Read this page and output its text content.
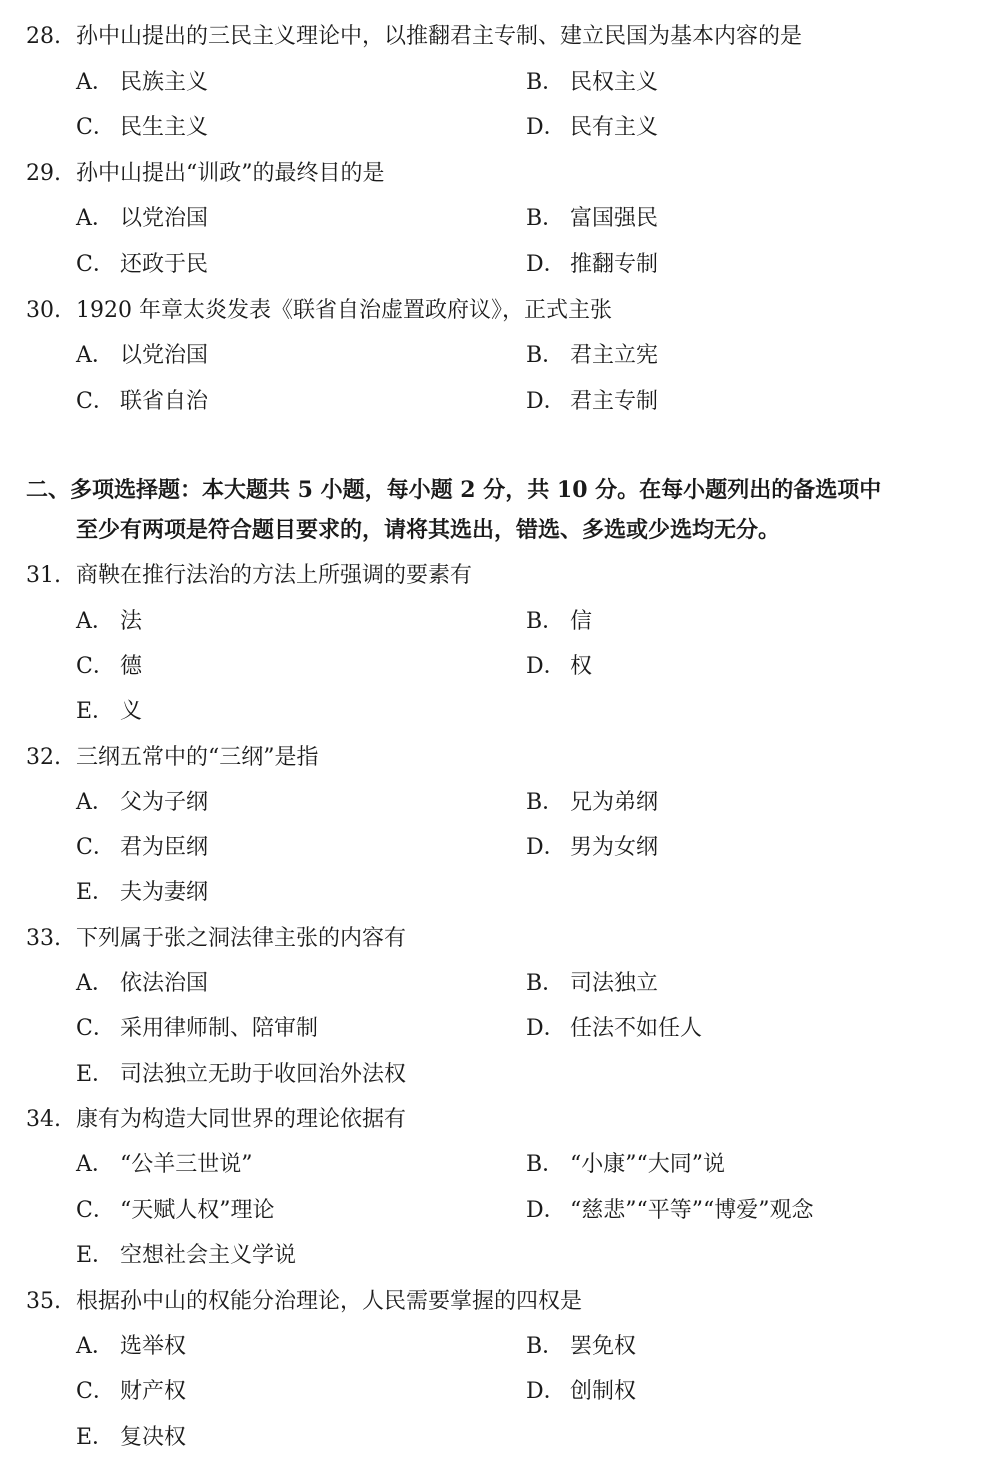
28. 孙中山提出的三民主义理论中，以推翻君主专制、建立民国为基本内容的是
A． 民族主义	B． 民权主义
C． 民生主义	D． 民有主义
29. 孙中山提出“训政”的最终目的是
A． 以党治国	B． 富国强民
C． 还政于民	D． 推翻专制
30. 1920 年章太炎发表《联省自治虚置政府议》，正式主张
A． 以党治国	B． 君主立宪
C． 联省自治	D． 君主专制
二、多项选择题：本大题共 5 小题，每小题 2 分，共 10 分。在每小题列出的备选项中
至少有两项是符合题目要求的，请将其选出，错选、多选或少选均无分。
31. 商鞅在推行法治的方法上所强调的要素有
A． 法	B． 信
C． 德	D． 权
E． 义
32. 三纲五常中的“三纲”是指
A． 父为子纲	B． 兄为弟纲
C． 君为臣纲	D． 男为女纲
E． 夫为妻纲
33. 下列属于张之洞法律主张的内容有
A． 依法治国	B． 司法独立
C． 采用律师制、陪审制	D． 任法不如任人
E． 司法独立无助于收回治外法权
34. 康有为构造大同世界的理论依据有
A． “公羊三世说”	B． “小康”“大同”说
C． “天赋人权”理论	D． “慈悲”“平等”“博爱”观念
E． 空想社会主义学说
35. 根据孙中山的权能分治理论，人民需要掌握的四权是
A． 选举权	B． 罢免权
C． 财产权	D． 创制权
E． 复决权
